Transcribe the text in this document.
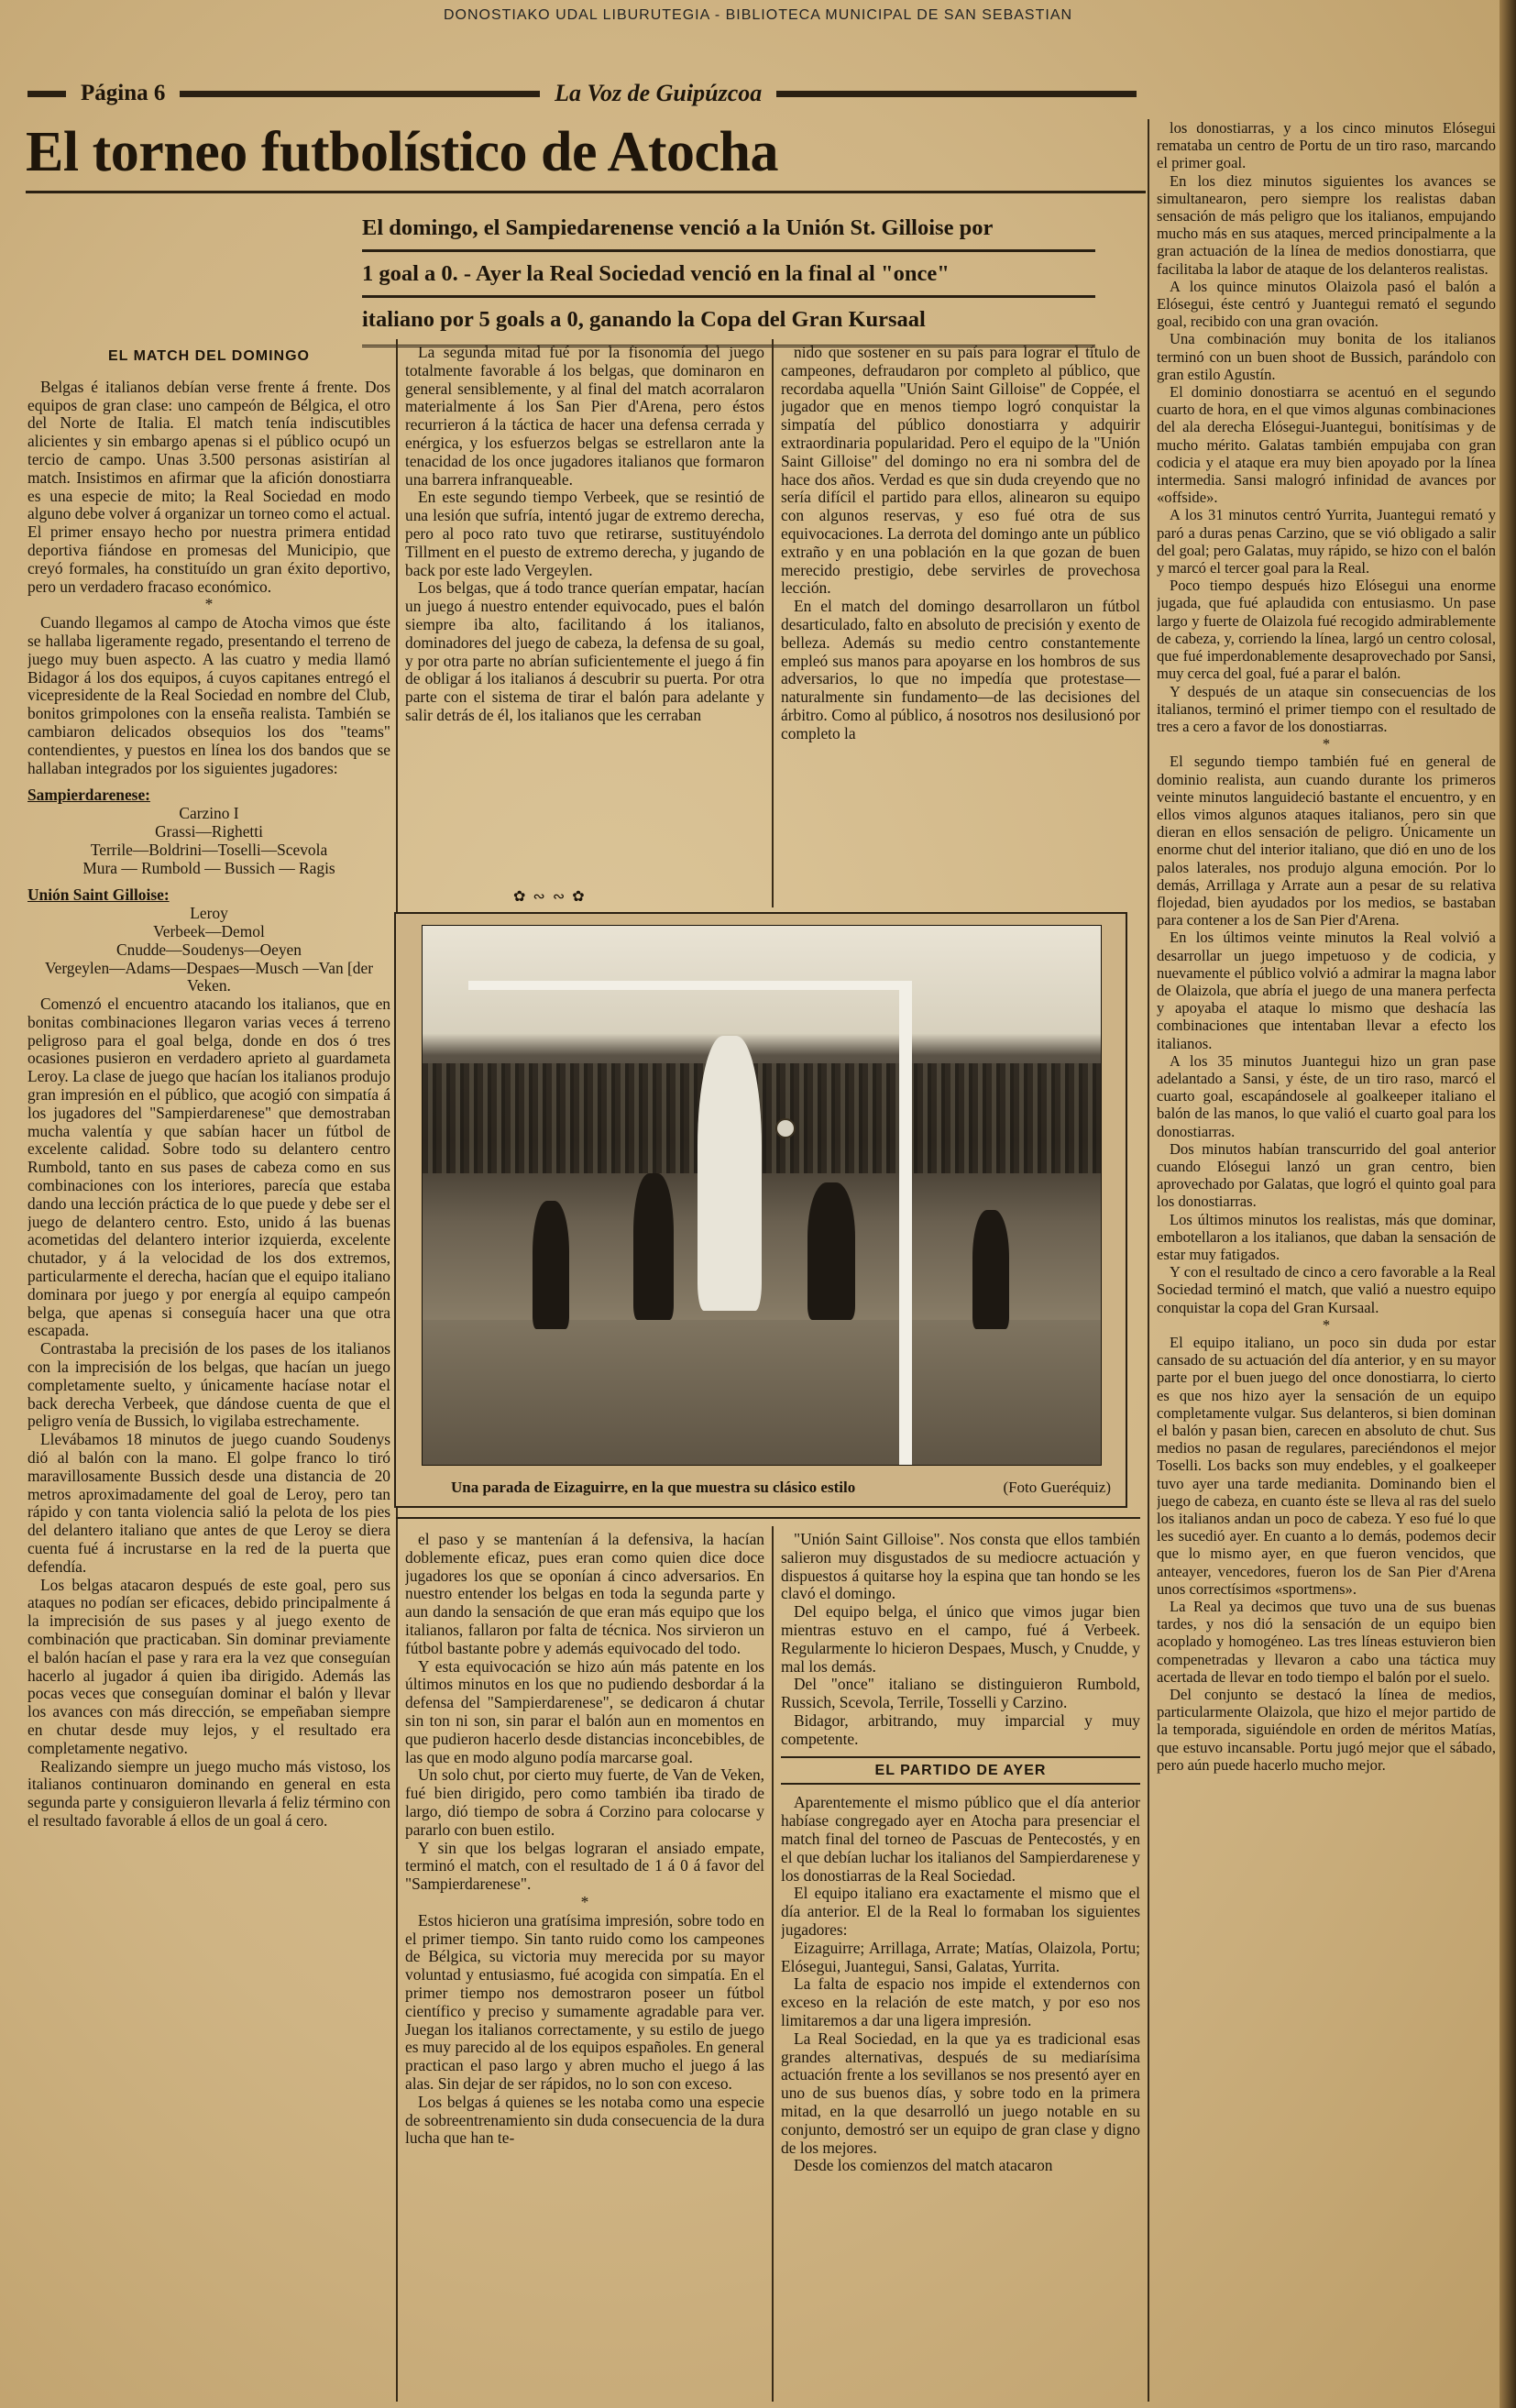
DONOSTIAKO UDAL LIBURUTEGIA - BIBLIOTECA MUNICIPAL DE SAN SEBASTIAN
Página 6	La Voz de Guipúzcoa
El torneo futbolístico de Atocha
El domingo, el Sampiedarenense venció a la Unión St. Gilloise por
1 goal a 0. - Ayer la Real Sociedad venció en la final al "once"
italiano por 5 goals a 0, ganando la Copa del Gran Kursaal
EL MATCH DEL DOMINGO

Belgas é italianos debían verse frente á frente. Dos equipos de gran clase: uno campeón de Bélgica, el otro del Norte de Italia. El match tenía indiscutibles alicientes y sin embargo apenas si el público ocupó un tercio de campo. Unas 3.500 personas asistirían al match. Insistimos en afirmar que la afición donostiarra es una especie de mito; la Real Sociedad en modo alguno debe volver á organizar un torneo como el actual. El primer ensayo hecho por nuestra primera entidad deportiva fiándose en promesas del Municipio, que creyó formales, ha constituído un gran éxito deportivo, pero un verdadero fracaso económico.

*

Cuando llegamos al campo de Atocha vimos que éste se hallaba ligeramente regado, presentando el terreno de juego muy buen aspecto. A las cuatro y media llamó Bidagor á los dos equipos, á cuyos capitanes entregó el vicepresidente de la Real Sociedad en nombre del Club, bonitos grimpolones con la enseña realista. También se cambiaron delicados obsequios los dos "teams" contendientes, y puestos en línea los dos bandos que se hallaban integrados por los siguientes jugadores:

Sampierdarenese:

Carzino I

Grassi—Righetti

Terrile—Boldrini—Toselli—Scevola

Mura — Rumbold — Bussich — Ragis

Unión Saint Gilloise:

Leroy

Verbeek—Demol

Cnudde—Soudenys—Oeyen

Vergeylen—Adams—Despaes—Musch —Van [der Veken.

Comenzó el encuentro atacando los italianos, que en bonitas combinaciones llegaron varias veces á terreno peligroso para el goal belga, donde en dos ó tres ocasiones pusieron en verdadero aprieto al guardameta Leroy. La clase de juego que hacían los italianos produjo gran impresión en el público, que acogió con simpatía á los jugadores del "Sampierdarenese" que demostraban mucha valentía y que sabían hacer un fútbol de excelente calidad. Sobre todo su delantero centro Rumbold, tanto en sus pases de cabeza como en sus combinaciones con los interiores, parecía que estaba dando una lección práctica de lo que puede y debe ser el juego de delantero centro. Esto, unido á las buenas acometidas del delantero interior izquierda, excelente chutador, y á la velocidad de los dos extremos, particularmente el derecha, hacían que el equipo italiano dominara por juego y por energía al equipo campeón belga, que apenas si conseguía hacer una que otra escapada.

Contrastaba la precisión de los pases de los italianos con la imprecisión de los belgas, que hacían un juego completamente suelto, y únicamente hacíase notar el back derecha Verbeek, que dándose cuenta de que el peligro venía de Bussich, lo vigilaba estrechamente.

Llevábamos 18 minutos de juego cuando Soudenys dió al balón con la mano. El golpe franco lo tiró maravillosamente Bussich desde una distancia de 20 metros aproximadamente del goal de Leroy, pero tan rápido y con tanta violencia salió la pelota de los pies del delantero italiano que antes de que Leroy se diera cuenta fué á incrustarse en la red de la puerta que defendía.

Los belgas atacaron después de este goal, pero sus ataques no podían ser eficaces, debido principalmente á la imprecisión de sus pases y al juego exento de combinación que practicaban. Sin dominar previamente el balón hacían el pase y rara era la vez que conseguían hacerlo al jugador á quien iba dirigido. Además las pocas veces que conseguían dominar el balón y llevar los avances con más dirección, se empeñaban siempre en chutar desde muy lejos, y el resultado era completamente negativo.

Realizando siempre un juego mucho más vistoso, los italianos continuaron dominando en general en esta segunda parte y consiguieron llevarla á feliz término con el resultado favorable á ellos de un goal á cero.

La segunda mitad fué por la fisonomía del juego totalmente favorable á los belgas, que dominaron en general sensiblemente, y al final del match acorralaron materialmente á los San Pier d'Arena, pero éstos recurrieron á la táctica de hacer una defensa cerrada y enérgica, y los esfuerzos belgas se estrellaron ante la tenacidad de los once jugadores italianos que formaron una barrera infranqueable.

En este segundo tiempo Verbeek, que se resintió de una lesión que sufría, intentó jugar de extremo derecha, pero al poco rato tuvo que retirarse, sustituyéndolo Tillment en el puesto de extremo derecha, y jugando de back por este lado Vergeylen.

Los belgas, que á todo trance querían empatar, hacían un juego á nuestro entender equivocado, pues el balón siempre iba alto, facilitando á los italianos, dominadores del juego de cabeza, la defensa de su goal, y por otra parte no abrían suficientemente el juego á fin de obligar á los italianos á descubrir su puerta. Por otra parte con el sistema de tirar el balón para adelante y salir detrás de él, los italianos que les cerraban

nido que sostener en su país para lograr el título de campeones, defraudaron por completo al público, que recordaba aquella "Unión Saint Gilloise" de Coppée, el jugador que en menos tiempo logró conquistar la simpatía del público donostiarra y adquirir extraordinaria popularidad. Pero el equipo de la "Unión Saint Gilloise" del domingo no era ni sombra del de hace dos años. Verdad es que sin duda creyendo que no sería difícil el partido para ellos, alinearon su equipo con algunos reservas, y eso fué otra de sus equivocaciones. La derrota del domingo ante un público extraño y en una población en la que gozan de buen merecido prestigio, debe servirles de provechosa lección.

En el match del domingo desarrollaron un fútbol desarticulado, falto en absoluto de precisión y exento de belleza. Además su medio centro constantemente empleó sus manos para apoyarse en los hombros de sus adversarios, lo que no impedía que protestase—naturalmente sin fundamento—de las decisiones del árbitro. Como al público, á nosotros nos desilusionó por completo la

✿ ∾ ∾ ✿
Una parada de Eizaguirre, en la que muestra su clásico estilo	(Foto Gueréquiz)

el paso y se mantenían á la defensiva, la hacían doblemente eficaz, pues eran como quien dice doce jugadores los que se oponían á cinco adversarios. En nuestro entender los belgas en toda la segunda parte y aun dando la sensación de que eran más equipo que los italianos, fallaron por falta de técnica. Nos sirvieron un fútbol bastante pobre y además equivocado del todo.

Y esta equivocación se hizo aún más patente en los últimos minutos en los que no pudiendo desbordar á la defensa del "Sampierdarenese", se dedicaron á chutar sin ton ni son, sin parar el balón aun en momentos en que pudieron hacerlo desde distancias inconcebibles, de las que en modo alguno podía marcarse goal.

Un solo chut, por cierto muy fuerte, de Van de Veken, fué bien dirigido, pero como también iba tirado de largo, dió tiempo de sobra á Corzino para colocarse y pararlo con buen estilo.

Y sin que los belgas lograran el ansiado empate, terminó el match, con el resultado de 1 á 0 á favor del "Sampierdarenese".

*

Estos hicieron una gratísima impresión, sobre todo en el primer tiempo. Sin tanto ruido como los campeones de Bélgica, su victoria muy merecida por su mayor voluntad y entusiasmo, fué acogida con simpatía. En el primer tiempo nos demostraron poseer un fútbol científico y preciso y sumamente agradable para ver. Juegan los italianos correctamente, y su estilo de juego es muy parecido al de los equipos españoles. En general practican el paso largo y abren mucho el juego á las alas. Sin dejar de ser rápidos, no lo son con exceso.

Los belgas á quienes se les notaba como una especie de sobreentrenamiento sin duda consecuencia de la dura lucha que han te-

"Unión Saint Gilloise". Nos consta que ellos también salieron muy disgustados de su mediocre actuación y dispuestos á quitarse hoy la espina que tan hondo se les clavó el domingo.

Del equipo belga, el único que vimos jugar bien mientras estuvo en el campo, fué á Verbeek. Regularmente lo hicieron Despaes, Musch, y Cnudde, y mal los demás.

Del "once" italiano se distinguieron Rumbold, Russich, Scevola, Terrile, Tosselli y Carzino.

Bidagor, arbitrando, muy imparcial y muy competente.

EL PARTIDO DE AYER

Aparentemente el mismo público que el día anterior habíase congregado ayer en Atocha para presenciar el match final del torneo de Pascuas de Pentecostés, y en el que debían luchar los italianos del Sampierdarenese y los donostiarras de la Real Sociedad.

El equipo italiano era exactamente el mismo que el día anterior. El de la Real lo formaban los siguientes jugadores:

Eizaguirre; Arrillaga, Arrate; Matías, Olaizola, Portu; Elósegui, Juantegui, Sansi, Galatas, Yurrita.

La falta de espacio nos impide el extendernos con exceso en la relación de este match, y por eso nos limitaremos a dar una ligera impresión.

La Real Sociedad, en la que ya es tradicional esas grandes alternativas, después de su mediarísima actuación frente a los sevillanos se nos presentó ayer en uno de sus buenos días, y sobre todo en la primera mitad, en la que desarrolló un juego notable en su conjunto, demostró ser un equipo de gran clase y digno de los mejores.

Desde los comienzos del match atacaron

los donostiarras, y a los cinco minutos Elósegui remataba un centro de Portu de un tiro raso, marcando el primer goal.

En los diez minutos siguientes los avances se simultanearon, pero siempre los realistas daban sensación de más peligro que los italianos, empujando mucho más en sus ataques, merced principalmente a la gran actuación de la línea de medios donostiarra, que facilitaba la labor de ataque de los delanteros realistas.

A los quince minutos Olaizola pasó el balón a Elósegui, éste centró y Juantegui remató el segundo goal, recibido con una gran ovación.

Una combinación muy bonita de los italianos terminó con un buen shoot de Bussich, parándolo con gran estilo Agustín.

El dominio donostiarra se acentuó en el segundo cuarto de hora, en el que vimos algunas combinaciones del ala derecha Elósegui-Juantegui, bonitísimas y de mucho mérito. Galatas también empujaba con gran codicia y el ataque era muy bien apoyado por la línea intermedia. Sansi malogró infinidad de avances por «offside».

A los 31 minutos centró Yurrita, Juantegui remató y paró a duras penas Carzino, que se vió obligado a salir del goal; pero Galatas, muy rápido, se hizo con el balón y marcó el tercer goal para la Real.

Poco tiempo después hizo Elósegui una enorme jugada, que fué aplaudida con entusiasmo. Un pase largo y fuerte de Olaizola fué recogido admirablemente de cabeza, y, corriendo la línea, largó un centro colosal, que fué imperdonablemente desaprovechado por Sansi, muy cerca del goal, fué a parar el balón.

Y después de un ataque sin consecuencias de los italianos, terminó el primer tiempo con el resultado de tres a cero a favor de los donostiarras.

*

El segundo tiempo también fué en general de dominio realista, aun cuando durante los primeros veinte minutos languideció bastante el encuentro, y en ellos vimos algunos ataques italianos, pero sin que dieran en ellos sensación de peligro. Únicamente un enorme chut del interior italiano, que dió en uno de los palos laterales, nos produjo alguna emoción. Por lo demás, Arrillaga y Arrate aun a pesar de su relativa flojedad, bien ayudados por los medios, se bastaban para contener a los de San Pier d'Arena.

En los últimos veinte minutos la Real volvió a desarrollar un juego impetuoso y de codicia, y nuevamente el público volvió a admirar la magna labor de Olaizola, que abría el juego de una manera perfecta y apoyaba el ataque lo mismo que deshacía las combinaciones que intentaban llevar a efecto los italianos.

A los 35 minutos Juantegui hizo un gran pase adelantado a Sansi, y éste, de un tiro raso, marcó el cuarto goal, escapándosele al goalkeeper italiano el balón de las manos, lo que valió el cuarto goal para los donostiarras.

Dos minutos habían transcurrido del goal anterior cuando Elósegui lanzó un gran centro, bien aprovechado por Galatas, que logró el quinto goal para los donostiarras.

Los últimos minutos los realistas, más que dominar, embotellaron a los italianos, que daban la sensación de estar muy fatigados.

Y con el resultado de cinco a cero favorable a la Real Sociedad terminó el match, que valió a nuestro equipo conquistar la copa del Gran Kursaal.

*

El equipo italiano, un poco sin duda por estar cansado de su actuación del día anterior, y en su mayor parte por el buen juego del once donostiarra, lo cierto es que nos hizo ayer la sensación de un equipo completamente vulgar. Sus delanteros, si bien dominan el balón y pasan bien, carecen en absoluto de chut. Sus medios no pasan de regulares, pareciéndonos el mejor Toselli. Los backs son muy endebles, y el goalkeeper tuvo ayer una tarde medianita. Dominando bien el juego de cabeza, en cuanto éste se lleva al ras del suelo los italianos andan un poco de cabeza. Y eso fué lo que les sucedió ayer. En cuanto a lo demás, podemos decir que lo mismo ayer, en que fueron vencidos, que anteayer, vencedores, fueron los de San Pier d'Arena unos correctísimos «sportmens».

La Real ya decimos que tuvo una de sus buenas tardes, y nos dió la sensación de un equipo bien acoplado y homogéneo. Las tres líneas estuvieron bien compenetradas y llevaron a cabo una táctica muy acertada de llevar en todo tiempo el balón por el suelo.

Del conjunto se destacó la línea de medios, particularmente Olaizola, que hizo el mejor partido de la temporada, siguiéndole en orden de méritos Matías, que estuvo incansable. Portu jugó mejor que el sábado, pero aún puede hacerlo mucho mejor.
